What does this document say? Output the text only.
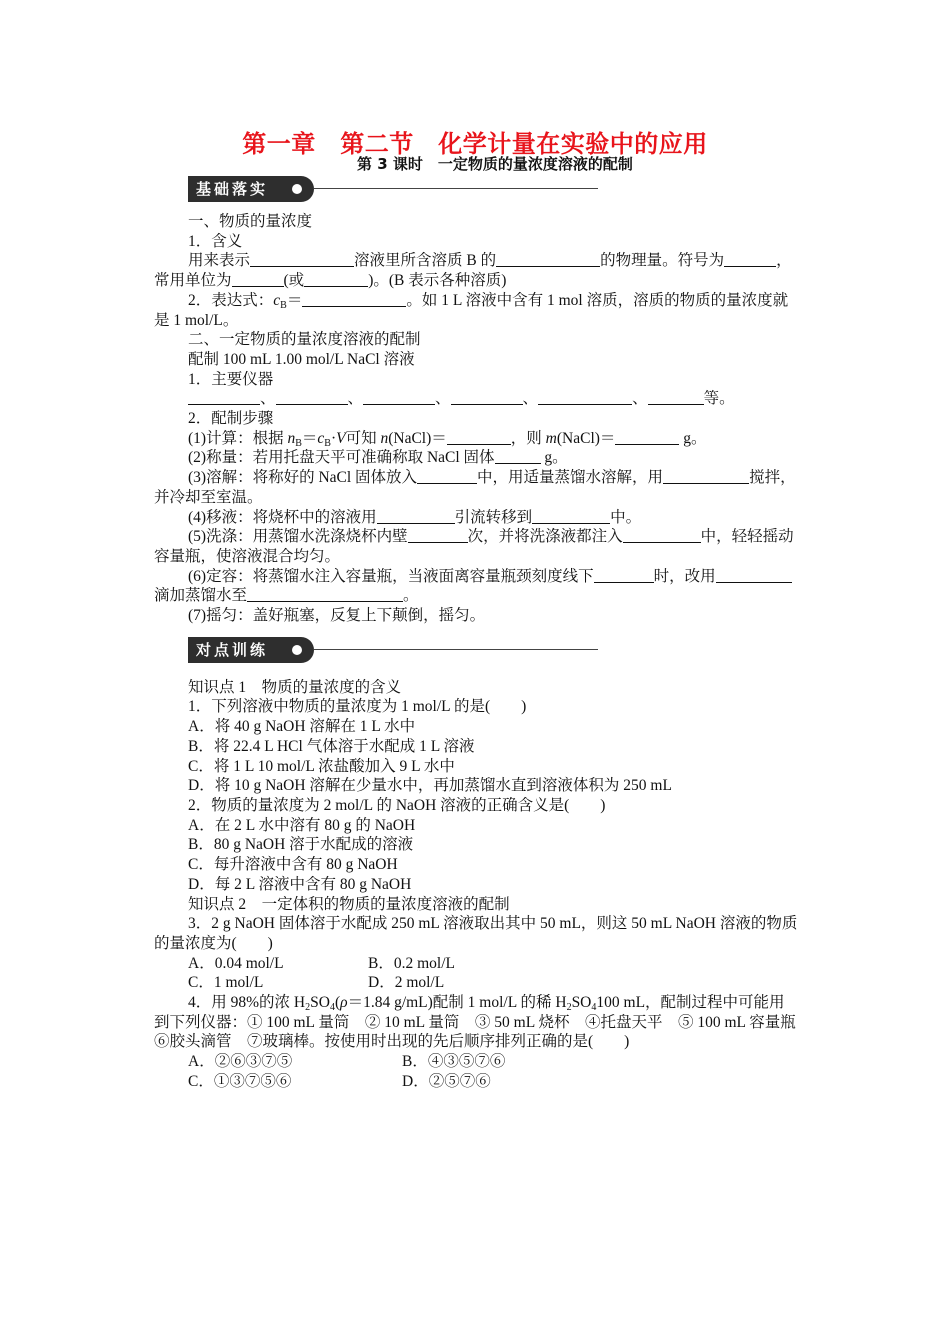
第一章　第二节　化学计量在实验中的应用
第 3 课时　一定物质的量浓度溶液的配制
基础落实
对点训练

一、物质的量浓度

1．含义

用来表示	溶液里所含溶质 B 的	的物理量。符号为	，常用单位为	(或	)。(B 表示各种溶质)

2．表达式：$c_B=$	。如 1 L 溶液中含有 1 mol 溶质，溶质的物质的量浓度就是 1 mol/L。

二、一定物质的量浓度溶液的配制

配制 100 mL 1.00 mol/L NaCl 溶液

1．主要仪器

、	、	、	、	、	等。

2．配制步骤

(1)计算：根据 $n_B=c_B\cdot V$可知 n(NaCl)＝	，则 m(NaCl)＝	g。

(2)称量：若用托盘天平可准确称取 NaCl 固体	g。

(3)溶解：将称好的 NaCl 固体放入	中，用适量蒸馏水溶解，用	搅拌，并冷却至室温。

(4)移液：将烧杯中的溶液用	引流转移到	中。

(5)洗涤：用蒸馏水洗涤烧杯内壁	次，并将洗涤液都注入	中，轻轻摇动容量瓶，使溶液混合均匀。

(6)定容：将蒸馏水注入容量瓶，当液面离容量瓶颈刻度线下	时，改用滴加蒸馏水至	。

(7)摇匀：盖好瓶塞，反复上下颠倒，摇匀。

知识点 1　物质的量浓度的含义

1．下列溶液中物质的量浓度为 1 mol/L 的是(　　)

A．将 40 g NaOH 溶解在 1 L 水中

B．将 22.4 L HCl 气体溶于水配成 1 L 溶液

C．将 1 L 10 mol/L 浓盐酸加入 9 L 水中

D．将 10 g NaOH 溶解在少量水中，再加蒸馏水直到溶液体积为 250 mL

2．物质的量浓度为 2 mol/L 的 NaOH 溶液的正确含义是(　　)

A．在 2 L 水中溶有 80 g 的 NaOH

B．80 g NaOH 溶于水配成的溶液

C．每升溶液中含有 80 g NaOH

D．每 2 L 溶液中含有 80 g NaOH

知识点 2　一定体积的物质的量浓度溶液的配制

3．2 g NaOH 固体溶于水配成 250 mL 溶液取出其中 50 mL，则这 50 mL NaOH 溶液的物质的量浓度为(　　)

A．0.04 mol/L	B．0.2 mol/L
C．1 mol/L	D．2 mol/L

4．用 98%的浓 $H_2SO_4(\rho=1.84$ g/mL)配制 1 mol/L 的稀 $H_2SO_4100$ mL，配制过程中可能用到下列仪器：① 100 mL 量筒　② 10 mL 量筒　③ 50 mL 烧杯　④托盘天平　⑤ 100 mL 容量瓶　⑥胶头滴管　⑦玻璃棒。按使用时出现的先后顺序排列正确的是(　　)

A．②⑥③⑦⑤	B．④③⑤⑦⑥
C．①③⑦⑤⑥	D．②⑤⑦⑥
